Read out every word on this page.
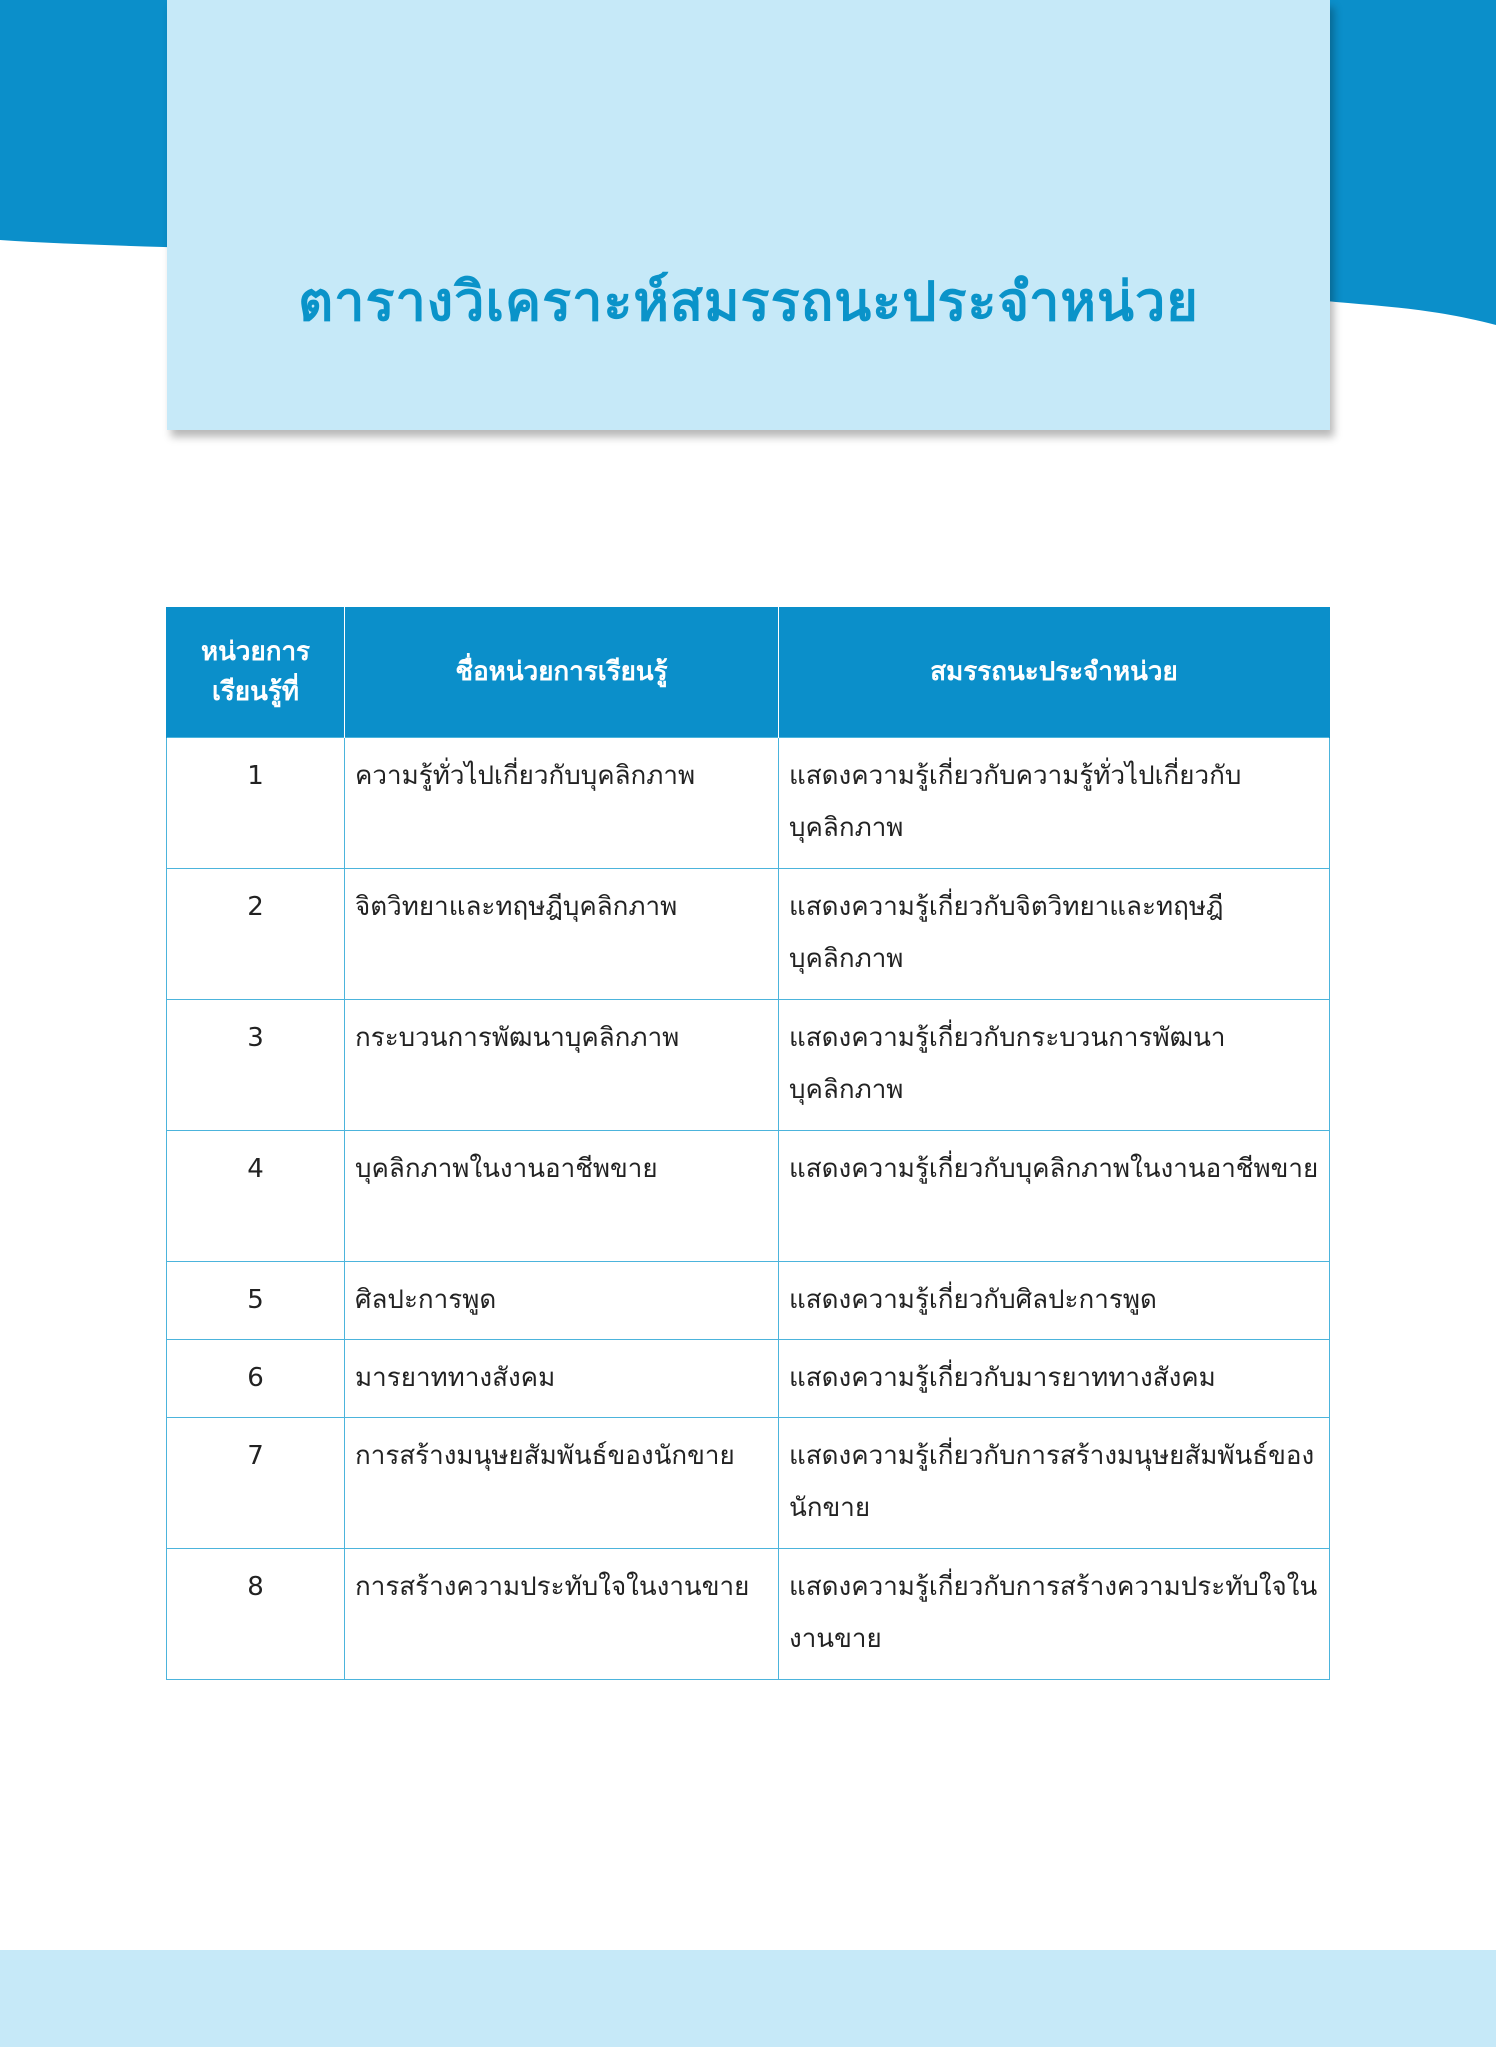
ตารางวิเคราะห์สมรรถนะประจำหน่วย
หน่วยการเรียนรู้ที่	ชื่อหน่วยการเรียนรู้	สมรรถนะประจำหน่วย
1	ความรู้ทั่วไปเกี่ยวกับบุคลิกภาพ	แสดงความรู้เกี่ยวกับความรู้ทั่วไปเกี่ยวกับบุคลิกภาพ
2	จิตวิทยาและทฤษฎีบุคลิกภาพ	แสดงความรู้เกี่ยวกับจิตวิทยาและทฤษฎีบุคลิกภาพ
3	กระบวนการพัฒนาบุคลิกภาพ	แสดงความรู้เกี่ยวกับกระบวนการพัฒนาบุคลิกภาพ
4	บุคลิกภาพในงานอาชีพขาย	แสดงความรู้เกี่ยวกับบุคลิกภาพในงานอาชีพขาย
5	ศิลปะการพูด	แสดงความรู้เกี่ยวกับศิลปะการพูด
6	มารยาททางสังคม	แสดงความรู้เกี่ยวกับมารยาททางสังคม
7	การสร้างมนุษยสัมพันธ์ของนักขาย	แสดงความรู้เกี่ยวกับการสร้างมนุษยสัมพันธ์ของนักขาย
8	การสร้างความประทับใจในงานขาย	แสดงความรู้เกี่ยวกับการสร้างความประทับใจในงานขาย
